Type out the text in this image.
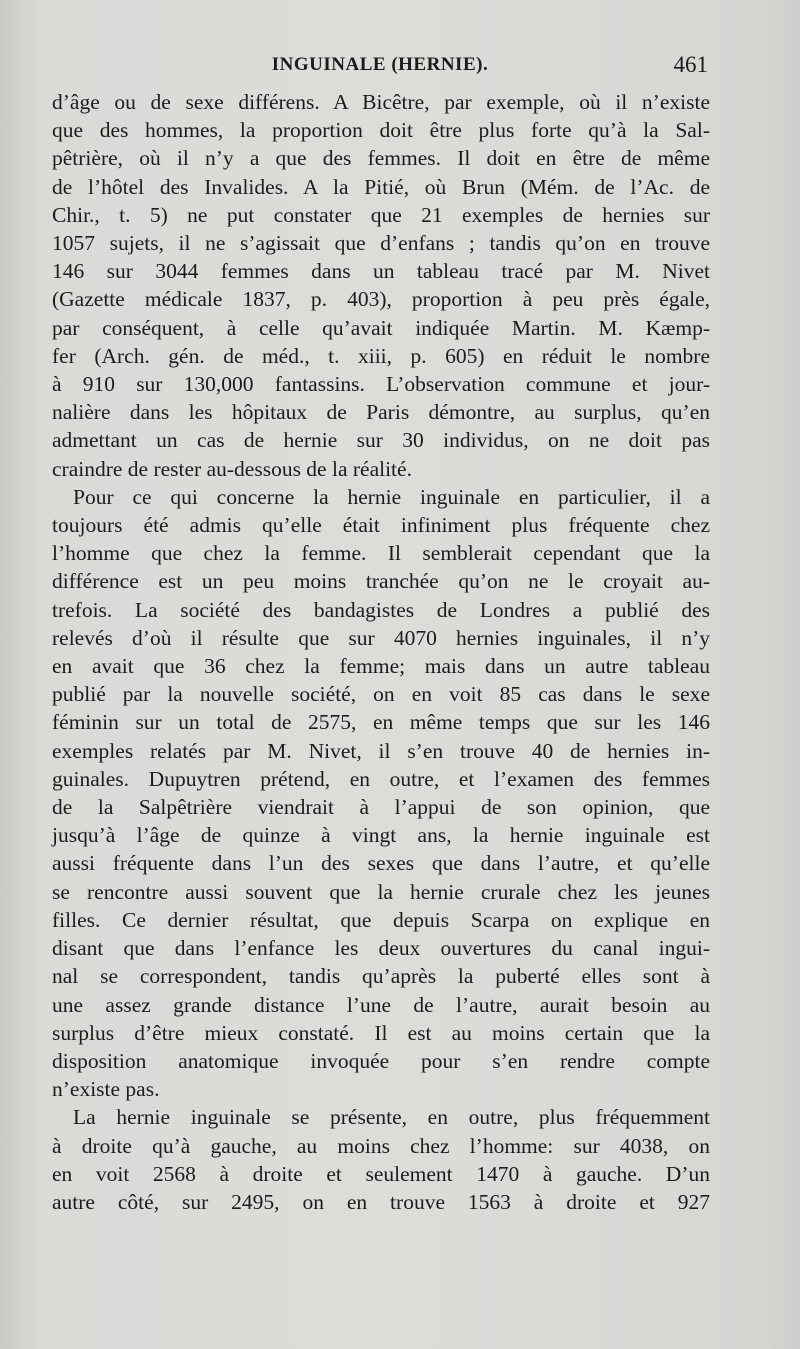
INGUINALE (HERNIE).	461
d’âge ou de sexe différens. A Bicêtre, par exemple, où il n’existe
que des hommes, la proportion doit être plus forte qu’à la Sal-
pêtrière, où il n’y a que des femmes. Il doit en être de même
de l’hôtel des Invalides. A la Pitié, où Brun (Mém. de l’Ac. de
Chir., t. 5) ne put constater que 21 exemples de hernies sur
1057 sujets, il ne s’agissait que d’enfans ; tandis qu’on en trouve
146 sur 3044 femmes dans un tableau tracé par M. Nivet
(Gazette médicale 1837, p. 403), proportion à peu près égale,
par conséquent, à celle qu’avait indiquée Martin. M. Kæmp-
fer (Arch. gén. de méd., t. xiii, p. 605) en réduit le nombre
à 910 sur 130,000 fantassins. L’observation commune et jour-
nalière dans les hôpitaux de Paris démontre, au surplus, qu’en
admettant un cas de hernie sur 30 individus, on ne doit pas
craindre de rester au-dessous de la réalité.
Pour ce qui concerne la hernie inguinale en particulier, il a
toujours été admis qu’elle était infiniment plus fréquente chez
l’homme que chez la femme. Il semblerait cependant que la
différence est un peu moins tranchée qu’on ne le croyait au-
trefois. La société des bandagistes de Londres a publié des
relevés d’où il résulte que sur 4070 hernies inguinales, il n’y
en avait que 36 chez la femme; mais dans un autre tableau
publié par la nouvelle société, on en voit 85 cas dans le sexe
féminin sur un total de 2575, en même temps que sur les 146
exemples relatés par M. Nivet, il s’en trouve 40 de hernies in-
guinales. Dupuytren prétend, en outre, et l’examen des femmes
de la Salpêtrière viendrait à l’appui de son opinion, que
jusqu’à l’âge de quinze à vingt ans, la hernie inguinale est
aussi fréquente dans l’un des sexes que dans l’autre, et qu’elle
se rencontre aussi souvent que la hernie crurale chez les jeunes
filles. Ce dernier résultat, que depuis Scarpa on explique en
disant que dans l’enfance les deux ouvertures du canal ingui-
nal se correspondent, tandis qu’après la puberté elles sont à
une assez grande distance l’une de l’autre, aurait besoin au
surplus d’être mieux constaté. Il est au moins certain que la
disposition anatomique invoquée pour s’en rendre compte
n’existe pas.
La hernie inguinale se présente, en outre, plus fréquemment
à droite qu’à gauche, au moins chez l’homme: sur 4038, on
en voit 2568 à droite et seulement 1470 à gauche. D’un
autre côté, sur 2495, on en trouve 1563 à droite et 927
